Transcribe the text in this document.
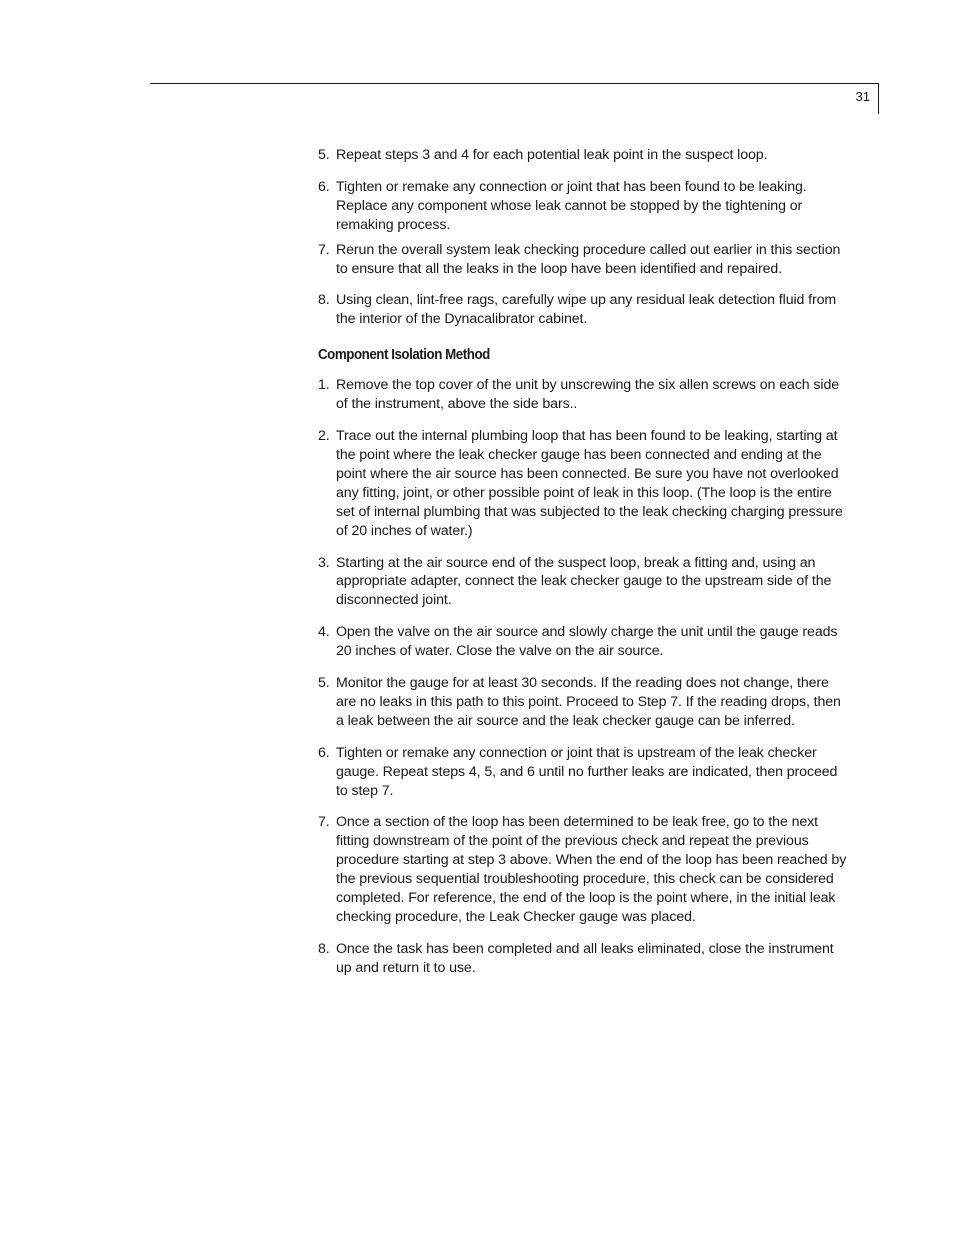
31
5. Repeat steps 3 and 4 for each potential leak point in the suspect loop.
6. Tighten or remake any connection or joint that has been found to be leaking. Replace any component whose leak cannot be stopped by the tightening or remaking process.
7. Rerun the overall system leak checking procedure called out earlier in this section to ensure that all the leaks in the loop have been identified and repaired.
8. Using clean, lint-free rags, carefully wipe up any residual leak detection fluid from the interior of the Dynacalibrator cabinet.
Component Isolation Method
1. Remove the top cover of the unit by unscrewing the six allen screws on each side of the instrument, above the side bars..
2. Trace out the internal plumbing loop that has been found to be leaking, starting at the point where the leak checker gauge has been connected and ending at the point where the air source has been connected. Be sure you have not overlooked any fitting, joint, or other possible point of leak in this loop. (The loop is the entire set of internal plumbing that was subjected to the leak checking charging pressure of 20 inches of water.)
3. Starting at the air source end of the suspect loop, break a fitting and, using an appropriate adapter, connect the leak checker gauge to the upstream side of the disconnected joint.
4. Open the valve on the air source and slowly charge the unit until the gauge reads 20 inches of water. Close the valve on the air source.
5. Monitor the gauge for at least 30 seconds. If the reading does not change, there are no leaks in this path to this point. Proceed to Step 7. If the reading drops, then a leak between the air source and the leak checker gauge can be inferred.
6. Tighten or remake any connection or joint that is upstream of the leak checker gauge. Repeat steps 4, 5, and 6 until no further leaks are indicated, then proceed to step 7.
7. Once a section of the loop has been determined to be leak free, go to the next fitting downstream of the point of the previous check and repeat the previous procedure starting at step 3 above. When the end of the loop has been reached by the previous sequential troubleshooting procedure, this check can be considered completed. For reference, the end of the loop is the point where, in the initial leak checking procedure, the Leak Checker gauge was placed.
8. Once the task has been completed and all leaks eliminated, close the instrument up and return it to use.
